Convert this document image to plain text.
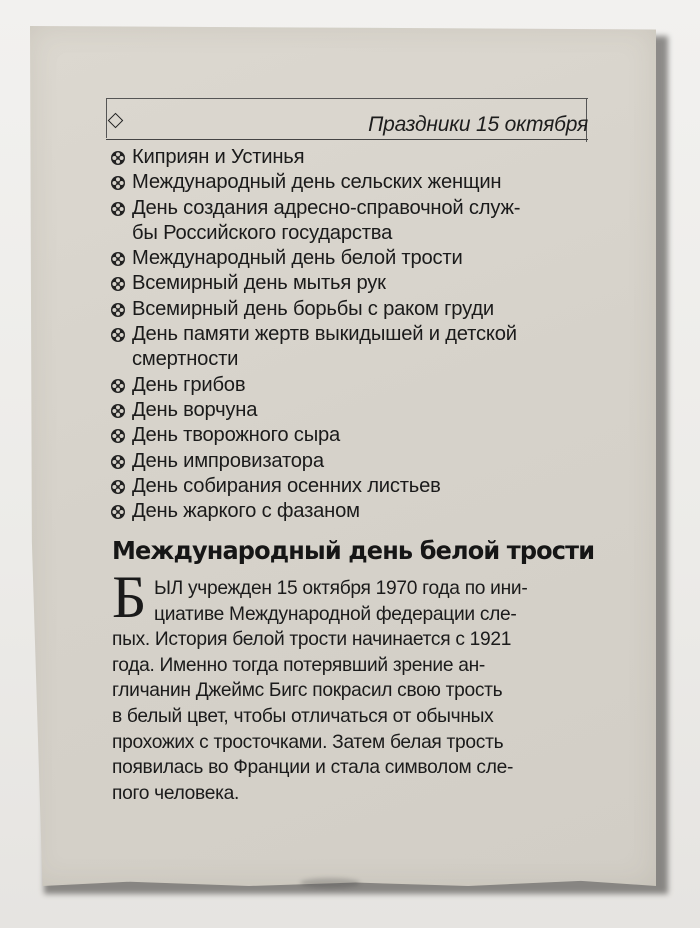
Праздники 15 октября
Киприян и Устинья
Международный день сельских женщин
День создания адресно-справочной служ-
бы Российского государства
Международный день белой трости
Всемирный день мытья рук
Всемирный день борьбы с раком груди
День памяти жертв выкидышей и детской
смертности
День грибов
День ворчуна
День творожного сыра
День импровизатора
День собирания осенних листьев
День жаркого с фазаном
Международный день белой трости
Б ЫЛ учрежден 15 октября 1970 года по ини-
циативе Международной федерации сле-
пых. История белой трости начинается с 1921
года. Именно тогда потерявший зрение ан-
гличанин Джеймс Бигс покрасил свою трость
в белый цвет, чтобы отличаться от обычных
прохожих с тросточками. Затем белая трость
появилась во Франции и стала символом сле-
пого человека.
